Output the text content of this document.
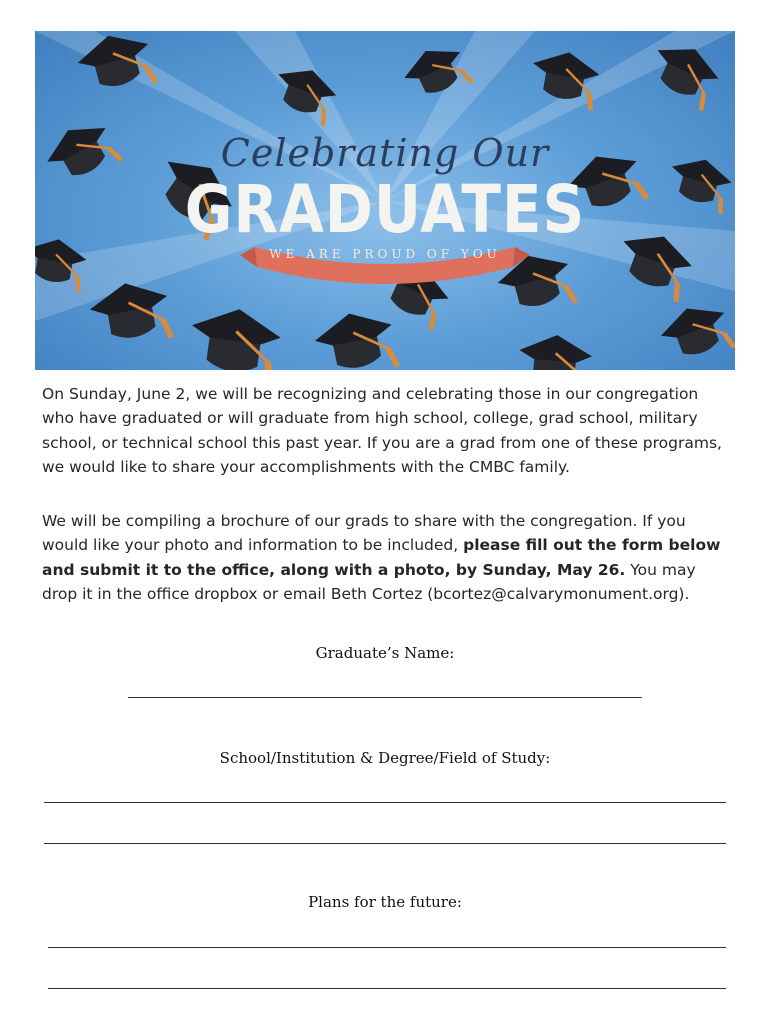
Celebrating Our
GRADUATES
WE ARE PROUD OF YOU

On Sunday, June 2, we will be recognizing and celebrating those in our congregation who have graduated or will graduate from high school, college, grad school, military school, or technical school this past year. If you are a grad from one of these programs, we would like to share your accomplishments with the CMBC family.

We will be compiling a brochure of our grads to share with the congregation. If you would like your photo and information to be included, please fill out the form below and submit it to the office, along with a photo, by Sunday, May 26. You may drop it in the office dropbox or email Beth Cortez (bcortez@calvarymonument.org).

Graduate’s Name:
School/Institution & Degree/Field of Study:
Plans for the future:
